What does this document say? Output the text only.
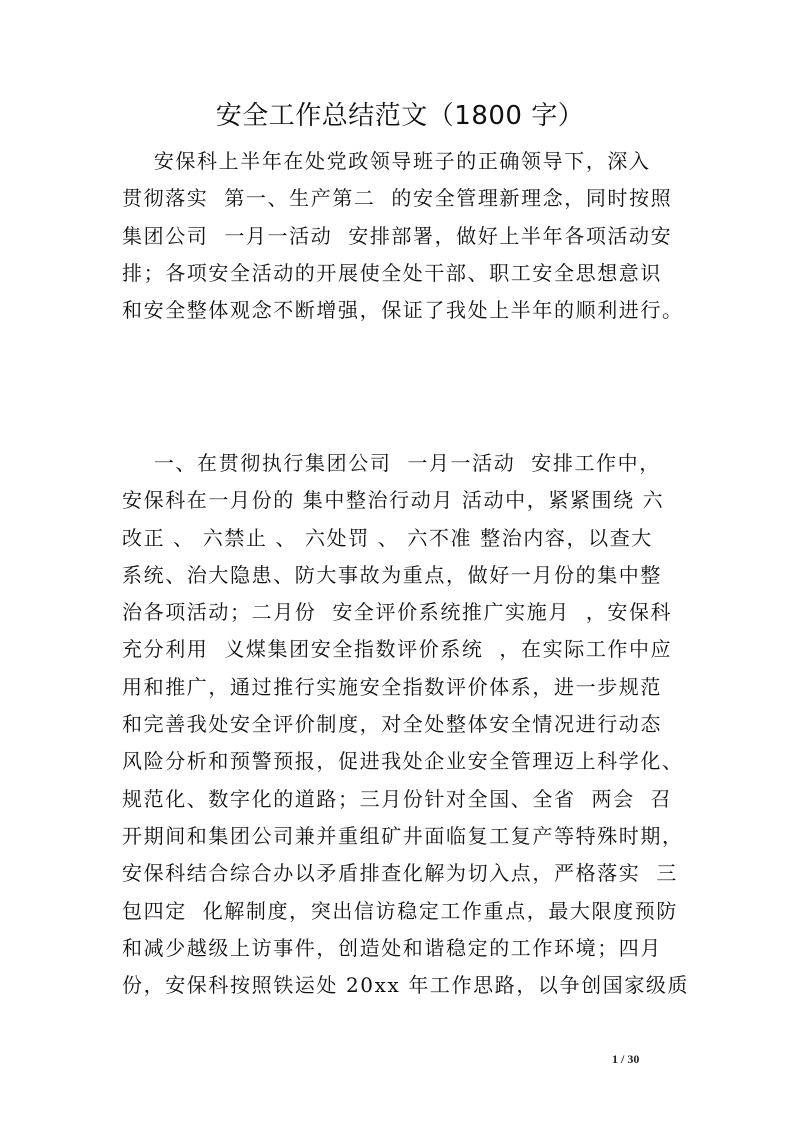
安全工作总结范文（1800 字）
安保科上半年在处党政领导班子的正确领导下，深入
贯彻落实  第一、生产第二  的安全管理新理念，同时按照
集团公司  一月一活动  安排部署，做好上半年各项活动安
排；各项安全活动的开展使全处干部、职工安全思想意识
和安全整体观念不断增强，保证了我处上半年的顺利进行。
一、在贯彻执行集团公司  一月一活动  安排工作中，
安保科在一月份的 集中整治行动月 活动中，紧紧围绕 六
改正 、 六禁止 、 六处罚 、 六不准 整治内容，以查大
系统、治大隐患、防大事故为重点，做好一月份的集中整
治各项活动；二月份  安全评价系统推广实施月  ，安保科
充分利用  义煤集团安全指数评价系统  ，在实际工作中应
用和推广，通过推行实施安全指数评价体系，进一步规范
和完善我处安全评价制度，对全处整体安全情况进行动态
风险分析和预警预报，促进我处企业安全管理迈上科学化、
规范化、数字化的道路；三月份针对全国、全省  两会  召
开期间和集团公司兼并重组矿井面临复工复产等特殊时期，
安保科结合综合办以矛盾排查化解为切入点，严格落实  三
包四定  化解制度，突出信访稳定工作重点，最大限度预防
和减少越级上访事件，创造处和谐稳定的工作环境；四月
份，安保科按照铁运处 20xx 年工作思路，以争创国家级质
1 / 30
